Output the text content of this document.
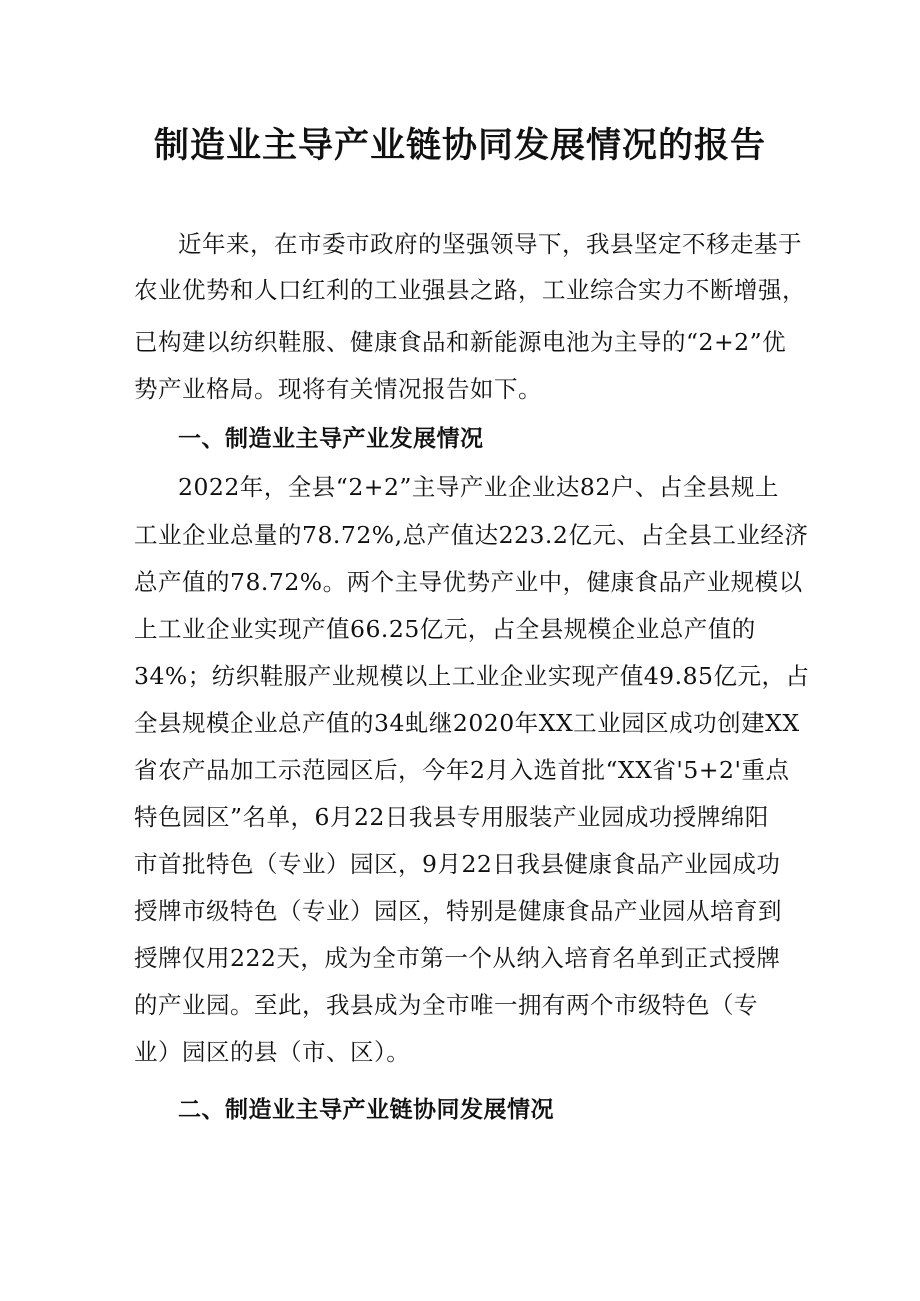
制造业主导产业链协同发展情况的报告
近年来，在市委市政府的坚强领导下，我县坚定不移走基于
农业优势和人口红利的工业强县之路，工业综合实力不断增强，
已构建以纺织鞋服、健康食品和新能源电池为主导的“2+2”优
势产业格局。现将有关情况报告如下。
一、制造业主导产业发展情况
2022年，全县“2+2”主导产业企业达82户、占全县规上
工业企业总量的78.72%,总产值达223.2亿元、占全县工业经济
总产值的78.72%。两个主导优势产业中，健康食品产业规模以
上工业企业实现产值66.25亿元，占全县规模企业总产值的
34%；纺织鞋服产业规模以上工业企业实现产值49.85亿元，占
全县规模企业总产值的34虬继2020年XX工业园区成功创建XX
省农产品加工示范园区后，今年2月入选首批“XX省'5+2'重点
特色园区”名单，6月22日我县专用服装产业园成功授牌绵阳
市首批特色（专业）园区，9月22日我县健康食品产业园成功
授牌市级特色（专业）园区，特别是健康食品产业园从培育到
授牌仅用222天，成为全市第一个从纳入培育名单到正式授牌
的产业园。至此，我县成为全市唯一拥有两个市级特色（专
业）园区的县（市、区）。
二、制造业主导产业链协同发展情况
